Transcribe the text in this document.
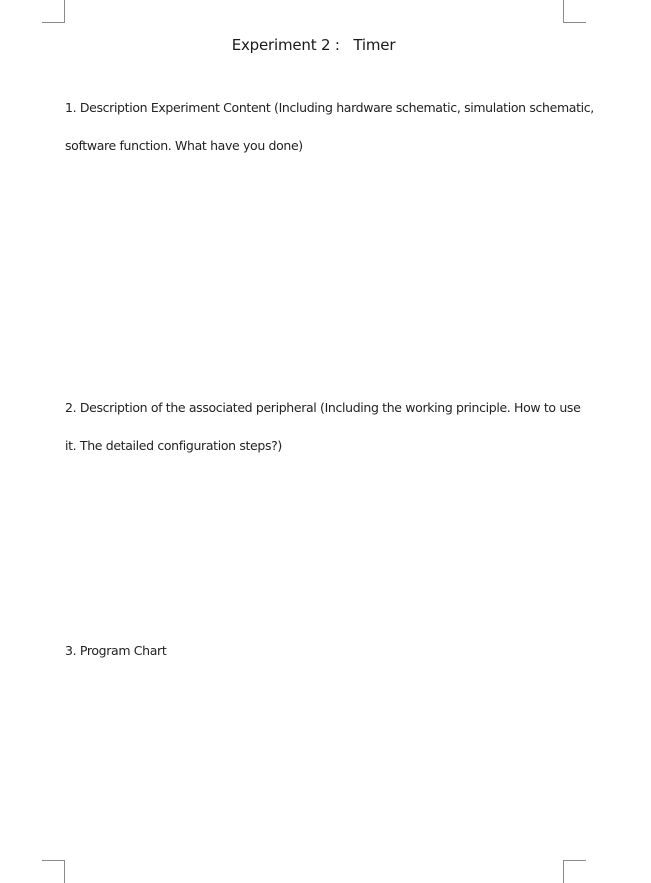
Experiment 2 :   Timer

1. Description Experiment Content (Including hardware schematic, simulation schematic,

software function. What have you done)

2. Description of the associated peripheral (Including the working principle. How to use

it. The detailed configuration steps?)

3. Program Chart
